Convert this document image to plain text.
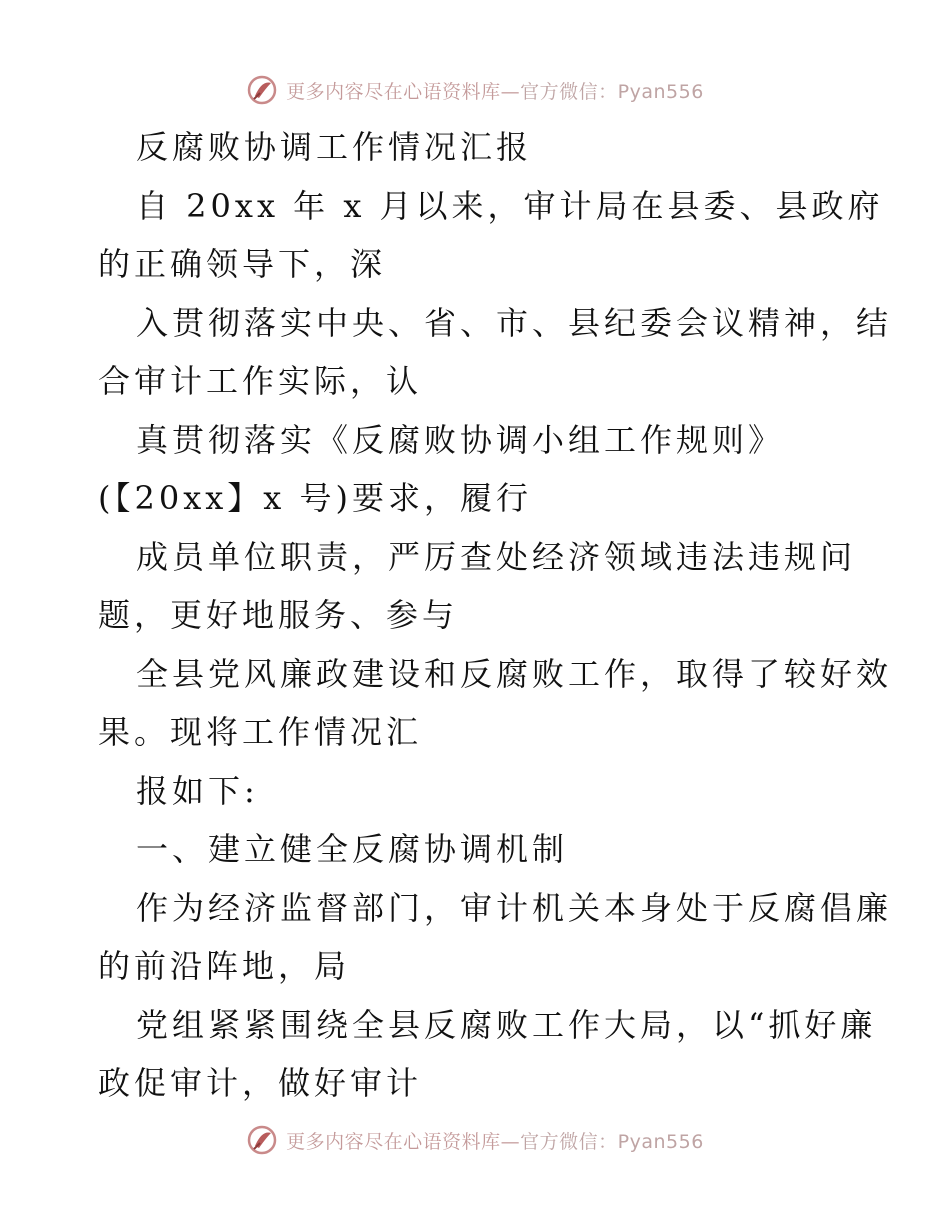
更多内容尽在心语资料库—官方微信：Pyan556
反腐败协调工作情况汇报
自 20xx 年 x 月以来，审计局在县委、县政府
的正确领导下，深
入贯彻落实中央、省、市、县纪委会议精神，结
合审计工作实际，认
真贯彻落实《反腐败协调小组工作规则》
(【20xx】x 号)要求，履行
成员单位职责，严厉查处经济领域违法违规问
题，更好地服务、参与
全县党风廉政建设和反腐败工作，取得了较好效
果。现将工作情况汇
报如下:
一、建立健全反腐协调机制
作为经济监督部门，审计机关本身处于反腐倡廉
的前沿阵地，局
党组紧紧围绕全县反腐败工作大局，以“抓好廉
政促审计，做好审计
更多内容尽在心语资料库—官方微信：Pyan556
